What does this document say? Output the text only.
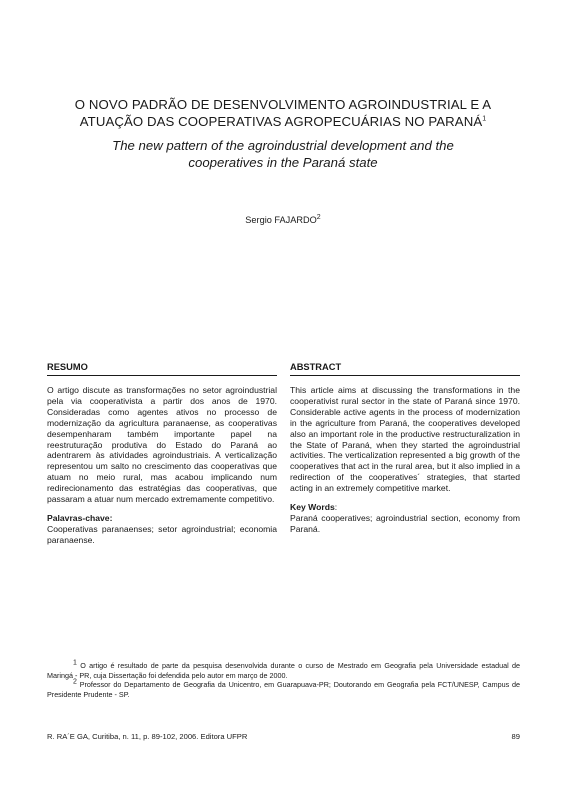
O NOVO PADRÃO DE DESENVOLVIMENTO AGROINDUSTRIAL E A
ATUAÇÃO DAS COOPERATIVAS AGROPECUÁRIAS NO PARANÁ$^1$
The new pattern of the agroindustrial development and the
cooperatives in the Paraná state
Sergio FAJARDO$^2$
RESUMO

O artigo discute as transformações no setor agroindustrial pela via cooperativista a partir dos anos de 1970. Consideradas como agentes ativos no processo de modernização da agricultura paranaense, as cooperativas desempenharam também importante papel na reestruturação produtiva do Estado do Paraná ao adentrarem às atividades agroindustriais. A verticalização representou um salto no crescimento das cooperativas que atuam no meio rural, mas acabou implicando num redirecionamento das estratégias das cooperativas, que passaram a atuar num mercado extremamente competitivo.

Palavras-chave:

Cooperativas paranaenses; setor agroindustrial; economia paranaense.

ABSTRACT

This article aims at discussing the transformations in the cooperativist rural sector in the state of Paraná since 1970. Considerable active agents in the process of modernization in the agriculture from Paraná, the cooperatives developed also an important role in the productive restructuralization in the State of Paraná, when they started the agroindustrial activities. The verticalization represented a big growth of the cooperatives that act in the rural area, but it also implied in a redirection of the cooperatives´ strategies, that started acting in an extremely competitive market.

Key Words:

Paraná cooperatives; agroindustrial section, economy from Paraná.

$^1$ O artigo é resultado de parte da pesquisa desenvolvida durante o curso de Mestrado em Geografia pela Universidade estadual de Maringá - PR, cuja Dissertação foi defendida pelo autor em março de 2000.

$^2$ Professor do Departamento de Geografia da Unicentro, em Guarapuava-PR; Doutorando em Geografia pela FCT/UNESP, Campus de Presidente Prudente - SP.

R. RA´E GA, Curitiba, n. 11, p. 89-102, 2006. Editora UFPR	89
